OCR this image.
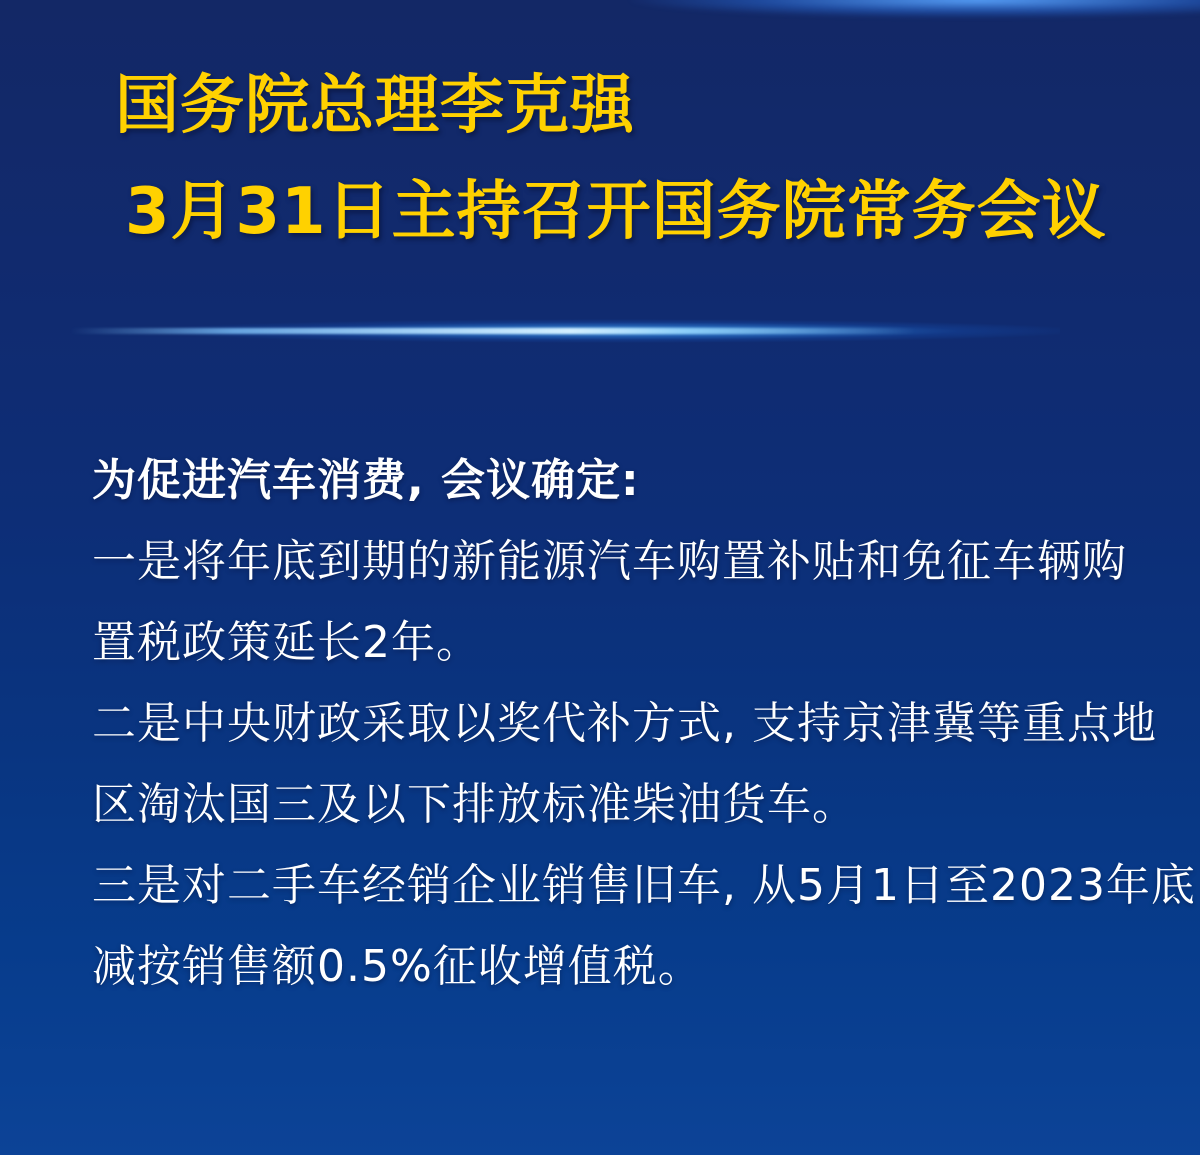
国务院总理李克强
3月31日主持召开国务院常务会议
为促进汽车消费, 会议确定:
一是将年底到期的新能源汽车购置补贴和免征车辆购
置税政策延长2年。
二是中央财政采取以奖代补方式, 支持京津冀等重点地
区淘汰国三及以下排放标准柴油货车。
三是对二手车经销企业销售旧车, 从5月1日至2023年底
减按销售额0.5%征收增值税。
